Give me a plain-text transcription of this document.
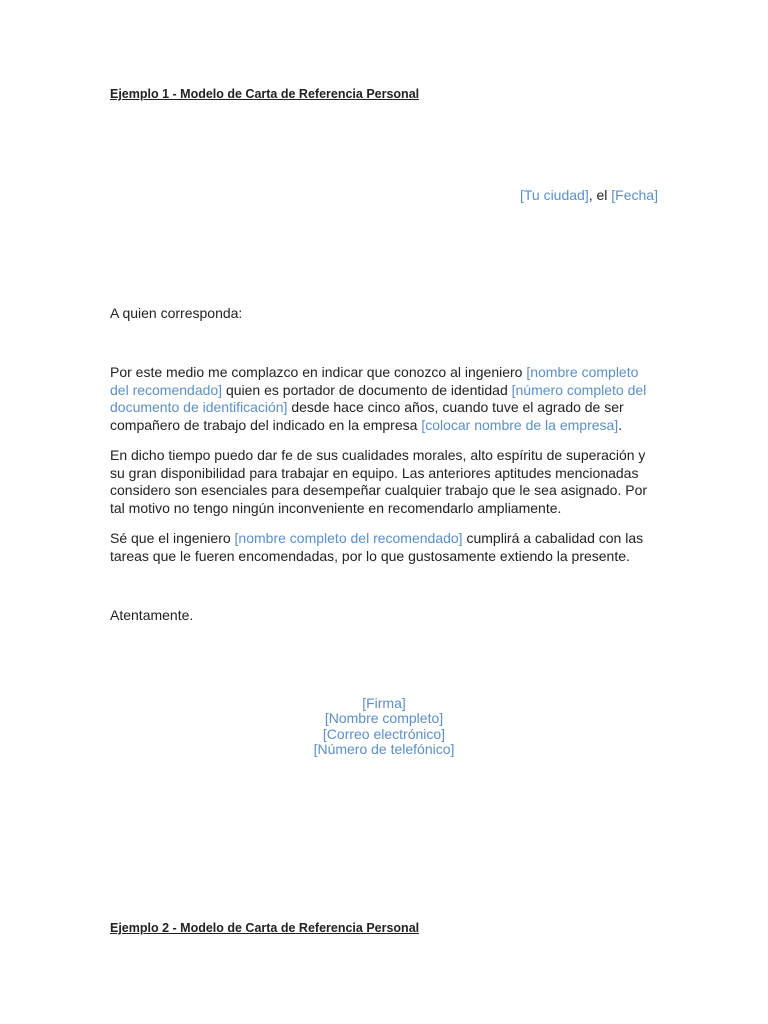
Ejemplo 1 - Modelo de Carta de Referencia Personal
[Tu ciudad], el [Fecha]

A quien corresponda:

Por este medio me complazco en indicar que conozco al ingeniero [nombre completo del recomendado] quien es portador de documento de identidad [número completo del documento de identificación] desde hace cinco años, cuando tuve el agrado de ser compañero de trabajo del indicado en la empresa [colocar nombre de la empresa].

En dicho tiempo puedo dar fe de sus cualidades morales, alto espíritu de superación y su gran disponibilidad para trabajar en equipo. Las anteriores aptitudes mencionadas considero son esenciales para desempeñar cualquier trabajo que le sea asignado. Por tal motivo no tengo ningún inconveniente en recomendarlo ampliamente.

Sé que el ingeniero [nombre completo del recomendado] cumplirá a cabalidad con las tareas que le fueren encomendadas, por lo que gustosamente extiendo la presente.

Atentamente.

[Firma]
[Nombre completo]
[Correo electrónico]
[Número de telefónico]
Ejemplo 2 - Modelo de Carta de Referencia Personal
